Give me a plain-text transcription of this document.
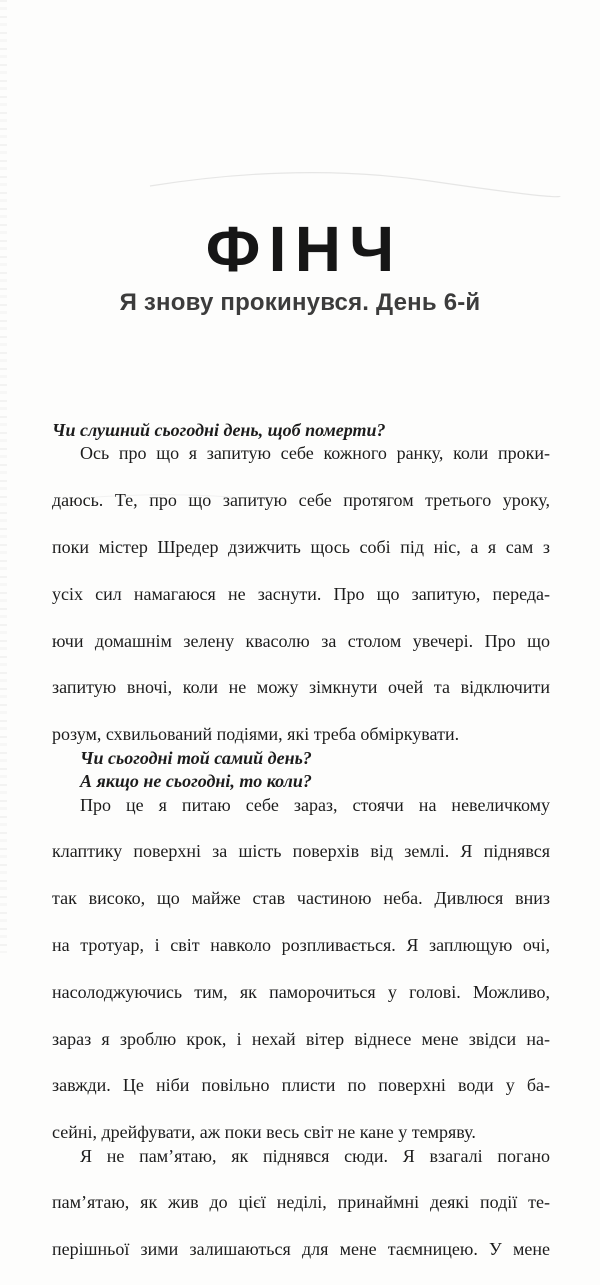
ФІНЧ
Я знову прокинувся. День 6-й
Чи слушний сьогодні день, щоб померти?
Ось про що я запитую себе кожного ранку, коли проки-
даюсь. Те, про що запитую себе протягом третього уроку,
поки містер Шредер дзижчить щось собі під ніс, а я сам з
усіх сил намагаюся не заснути. Про що запитую, переда-
ючи домашнім зелену квасолю за столом увечері. Про що
запитую вночі, коли не можу зімкнути очей та відключити
розум, схвильований подіями, які треба обміркувати.
Чи сьогодні той самий день?
А якщо не сьогодні, то коли?
Про це я питаю себе зараз, стоячи на невеличкому
клаптику поверхні за шість поверхів від землі. Я піднявся
так високо, що майже став частиною неба. Дивлюся вниз
на тротуар, і світ навколо розпливається. Я заплющую очі,
насолоджуючись тим, як паморочиться у голові. Можливо,
зараз я зроблю крок, і нехай вітер віднесе мене звідси на-
завжди. Це ніби повільно плисти по поверхні води у ба-
сейні, дрейфувати, аж поки весь світ не кане у темряву.
Я не пам’ятаю, як піднявся сюди. Я взагалі погано
пам’ятаю, як жив до цієї неділі, принаймні деякі події те-
перішньої зими залишаються для мене таємницею. У мене
